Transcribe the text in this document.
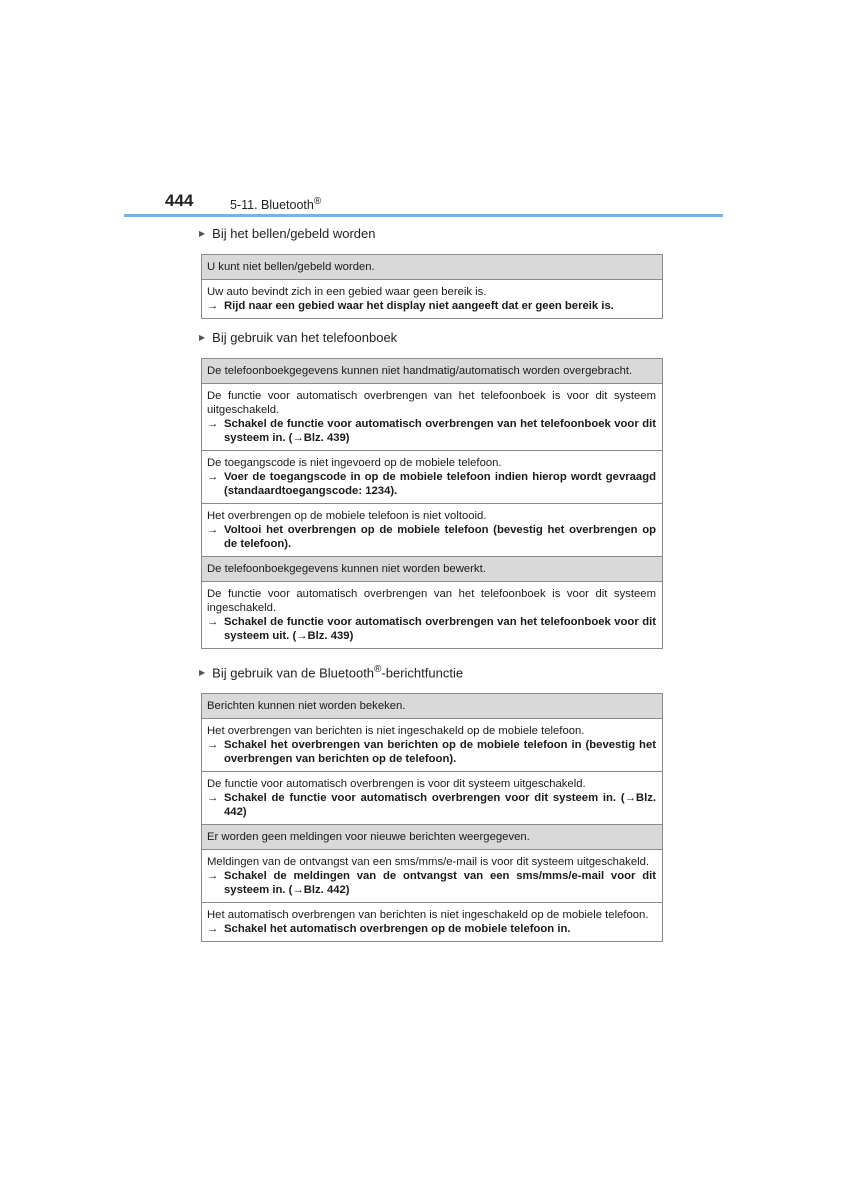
444	5-11. Bluetooth®
▶ Bij het bellen/gebeld worden
U kunt niet bellen/gebeld worden.

Uw auto bevindt zich in een gebied waar geen bereik is.
→ Rijd naar een gebied waar het display niet aangeeft dat er geen bereik is.
▶ Bij gebruik van het telefoonboek
De telefoonboekgegevens kunnen niet handmatig/automatisch worden overgebracht.

De functie voor automatisch overbrengen van het telefoonboek is voor dit systeem uitgeschakeld.
→ Schakel de functie voor automatisch overbrengen van het telefoonboek voor dit systeem in. (→Blz. 439)

De toegangscode is niet ingevoerd op de mobiele telefoon.
→ Voer de toegangscode in op de mobiele telefoon indien hierop wordt gevraagd (standaardtoegangscode: 1234).

Het overbrengen op de mobiele telefoon is niet voltooid.
→ Voltooi het overbrengen op de mobiele telefoon (bevestig het overbrengen op de telefoon).

De telefoonboekgegevens kunnen niet worden bewerkt.

De functie voor automatisch overbrengen van het telefoonboek is voor dit systeem ingeschakeld.
→ Schakel de functie voor automatisch overbrengen van het telefoonboek voor dit systeem uit. (→Blz. 439)
▶ Bij gebruik van de Bluetooth®-berichtfunctie
Berichten kunnen niet worden bekeken.

Het overbrengen van berichten is niet ingeschakeld op de mobiele telefoon.
→ Schakel het overbrengen van berichten op de mobiele telefoon in (bevestig het overbrengen van berichten op de telefoon).

De functie voor automatisch overbrengen is voor dit systeem uitgeschakeld.
→ Schakel de functie voor automatisch overbrengen voor dit systeem in. (→Blz. 442)

Er worden geen meldingen voor nieuwe berichten weergegeven.

Meldingen van de ontvangst van een sms/mms/e-mail is voor dit systeem uitgeschakeld.
→ Schakel de meldingen van de ontvangst van een sms/mms/e-mail voor dit systeem in. (→Blz. 442)

Het automatisch overbrengen van berichten is niet ingeschakeld op de mobiele telefoon.
→ Schakel het automatisch overbrengen op de mobiele telefoon in.
